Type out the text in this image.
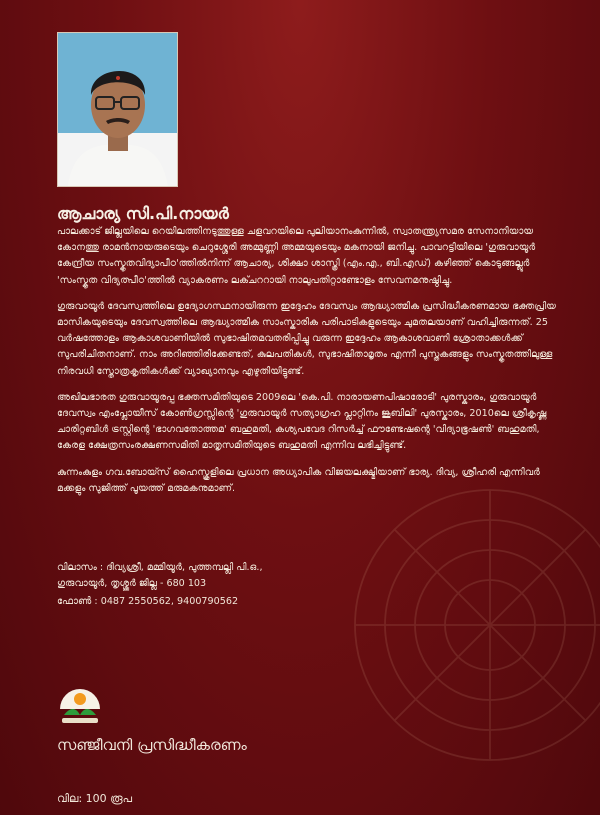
ആചാര്യ സി.പി.നായർ

പാലക്കാട് ജില്ലയിലെ റെയിലത്തിനടുത്തുള്ള ചളവറയിലെ പുലിയാനംകുന്നിൽ, സ്വാതന്ത്ര്യസമര സേനാനിയായ കോനത്തു രാമൻനായരുടെയും ചെറുശ്ശേരി അമ്മുണ്ണി അമ്മയുടെയും മകനായി ജനിച്ചു. പാവറട്ടിയിലെ 'ഗുരുവായൂർ കേന്ദ്രീയ സംസ്കൃതവിദ്യാപീഠ'ത്തിൽനിന്ന് ആചാര്യ, ശിക്ഷാ ശാസ്ത്രി (എം.എ., ബി.എഡ്) കഴിഞ്ഞ് കൊടുങ്ങല്ലൂർ 'സംസ്കൃത വിദ്യത്പീഠ'ത്തിൽ വ്യാകരണം ലക്ചററായി നാലുപതിറ്റാണ്ടോളം സേവനമനുഷ്ഠിച്ചു.

ഗുരുവായൂർ ദേവസ്വത്തിലെ ഉദ്യോഗസ്ഥനായിരുന്ന ഇദ്ദേഹം ദേവസ്വം ആദ്ധ്യാത്മിക പ്രസിദ്ധീകരണമായ ഭക്തപ്രിയ മാസികയുടെയും ദേവസ്വത്തിലെ ആദ്ധ്യാത്മിക സാംസ്കാരിക പരിപാടികളുടെയും ചുമതലയാണ് വഹിച്ചിരുന്നത്. 25 വർഷത്തോളം ആകാശവാണിയിൽ സുഭാഷിതമവതരിപ്പിച്ചു വരുന്ന ഇദ്ദേഹം ആകാശവാണി ശ്രോതാക്കൾക്ക് സുപരിചിതനാണ്. നാം അറിഞ്ഞിരിക്കേണ്ടത്, കുലപതികൾ, സുഭാഷിതാമൃതം എന്നീ പുസ്തകങ്ങളും സംസ്കൃതത്തിലുള്ള നിരവധി സ്തോത്രകൃതികൾക്ക് വ്യാഖ്യാനവും എഴുതിയിട്ടുണ്ട്.

അഖിലഭാരത ഗുരുവായൂരപ്പ ഭക്തസമിതിയുടെ 2009ലെ 'കെ.പി. നാരായണപിഷാരോടി' പുരസ്കാരം, ഗുരുവായൂർ ദേവസ്വം എംപ്ലോയീസ് കോൺഗ്രസ്സിന്റെ 'ഗുരുവായൂർ സത്യാഗ്രഹ പ്ലാറ്റിനം ജൂബിലി' പുരസ്കാരം, 2010ലെ ശ്രീകൃഷ്ണ ചാരിറ്റബിൾ ട്രസ്റ്റിന്റെ 'ഭാഗവതോത്തമ' ബഹുമതി, കശ്യപവേദ റിസർച്ച് ഫൗണ്ടേഷന്റെ 'വിദ്യാഭൂഷൺ' ബഹുമതി, കേരള ക്ഷേത്രസംരക്ഷണസമിതി മാതൃസമിതിയുടെ ബഹുമതി എന്നിവ ലഭിച്ചിട്ടുണ്ട്.

കുന്നംകുളം ഗവ.ബോയ്സ് ഹൈസ്കൂളിലെ പ്രധാന അധ്യാപിക വിജയലക്ഷ്മിയാണ് ഭാര്യ. ദിവ്യ, ശ്രീഹരി എന്നിവർ മക്കളും സുജിത്ത് പൂയത്ത് മരുമകനുമാണ്.

വിലാസം : ദിവ്യശ്രീ, മമ്മിയൂർ, പുത്തമ്പല്ലി പി.ഒ.,

ഗുരുവായൂർ, തൃശ്ശൂർ ജില്ല - 680 103

ഫോൺ : 0487 2550562, 9400790562
സഞ്ജീവനി പ്രസിദ്ധീകരണം
വില: 100 രൂപ
